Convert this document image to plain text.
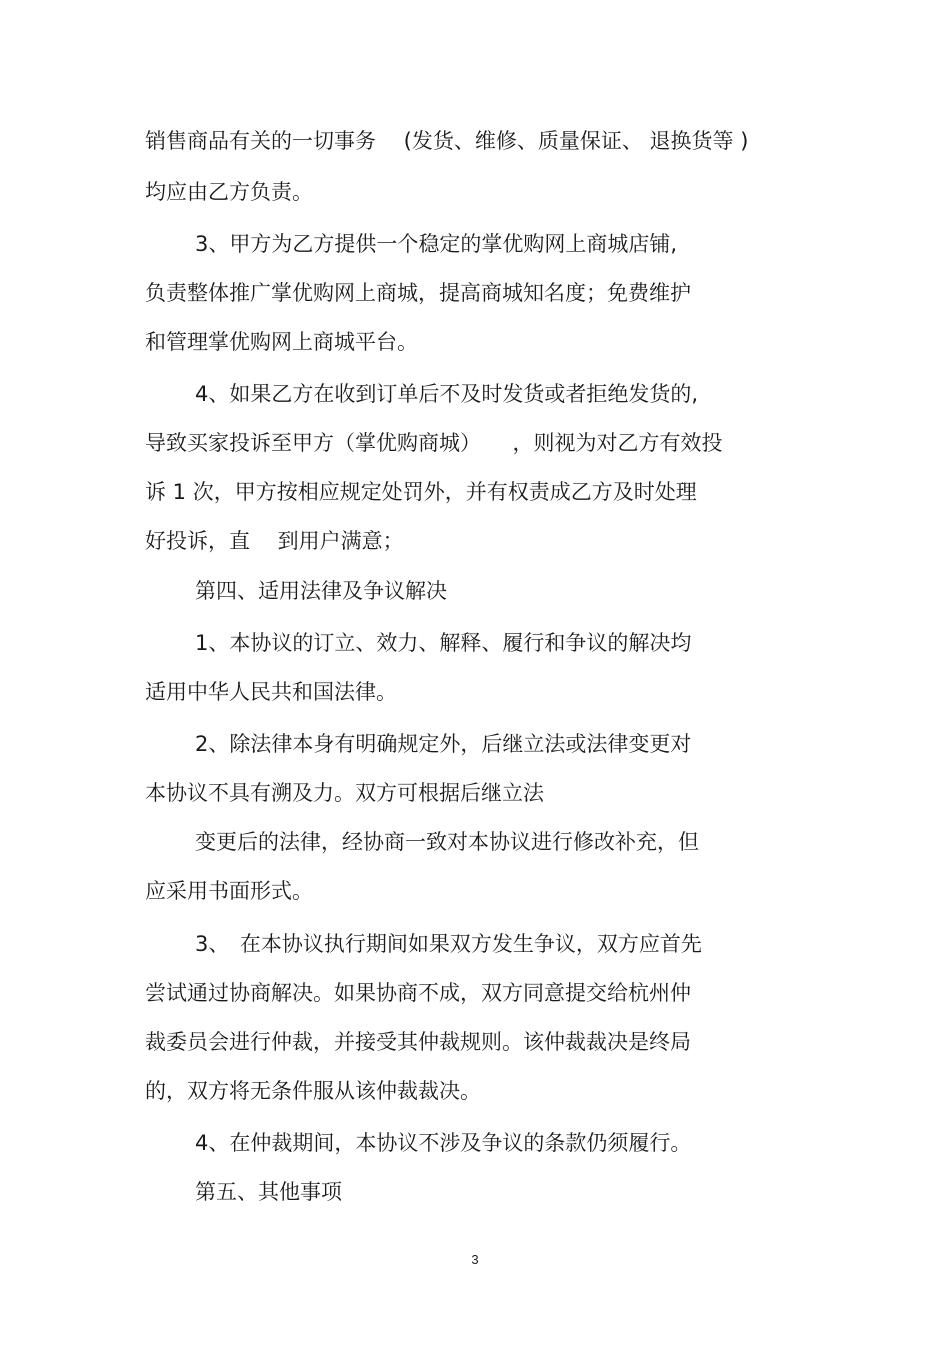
销售商品有关的一切事务　 (发货、维修、质量保证、 退换货等 )
均应由乙方负责。
3、甲方为乙方提供一个稳定的掌优购网上商城店铺,
负责整体推广掌优购网上商城，提高商城知名度；免费维护
和管理掌优购网上商城平台。
4、如果乙方在收到订单后不及时发货或者拒绝发货的,
导致买家投诉至甲方（掌优购商城）　　，则视为对乙方有效投
诉 1 次，甲方按相应规定处罚外，并有权责成乙方及时处理
好投诉，直　 到用户满意；
第四、适用法律及争议解决
1、本协议的订立、效力、解释、履行和争议的解决均
适用中华人民共和国法律。
2、除法律本身有明确规定外，后继立法或法律变更对
本协议不具有溯及力。双方可根据后继立法
变更后的法律，经协商一致对本协议进行修改补充，但
应采用书面形式。
3、　在本协议执行期间如果双方发生争议，双方应首先
尝试通过协商解决。如果协商不成，双方同意提交给杭州仲
裁委员会进行仲裁，并接受其仲裁规则。该仲裁裁决是终局
的，双方将无条件服从该仲裁裁决。
4、在仲裁期间，本协议不涉及争议的条款仍须履行。
第五、其他事项
3
